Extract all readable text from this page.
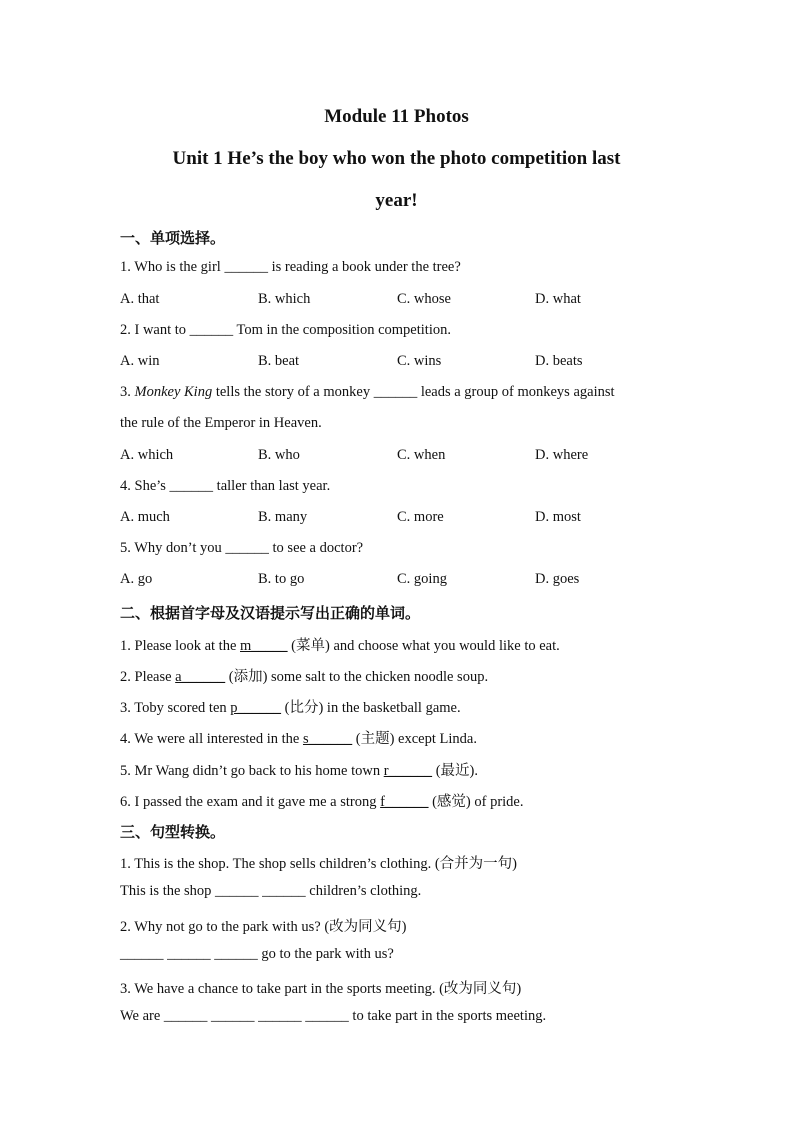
Module 11 Photos
Unit 1 He’s the boy who won the photo competition last
year!
一、单项选择。
1. Who is the girl ______ is reading a book under the tree?
A. that	B. which	C. whose	D. what
2. I want to ______ Tom in the composition competition.
A. win	B. beat	C. wins	D. beats
3. Monkey King tells the story of a monkey ______ leads a group of monkeys against
the rule of the Emperor in Heaven.
A. which	B. who	C. when	D. where
4. She’s ______ taller than last year.
A. much	B. many	C. more	D. most
5. Why don’t you ______ to see a doctor?
A. go	B. to go	C. going	D. goes
二、根据首字母及汉语提示写出正确的单词。
1. Please look at the m_____ (菜单) and choose what you would like to eat.
2. Please a______ (添加) some salt to the chicken noodle soup.
3. Toby scored ten p______ (比分) in the basketball game.
4. We were all interested in the s______ (主题) except Linda.
5. Mr Wang didn’t go back to his home town r______ (最近).
6. I passed the exam and it gave me a strong f______ (感觉) of pride.
三、句型转换。
1. This is the shop. The shop sells children’s clothing. (合并为一句)
This is the shop ______ ______ children’s clothing.
2. Why not go to the park with us? (改为同义句)
______ ______ ______ go to the park with us?
3. We have a chance to take part in the sports meeting. (改为同义句)
We are ______ ______ ______ ______ to take part in the sports meeting.
